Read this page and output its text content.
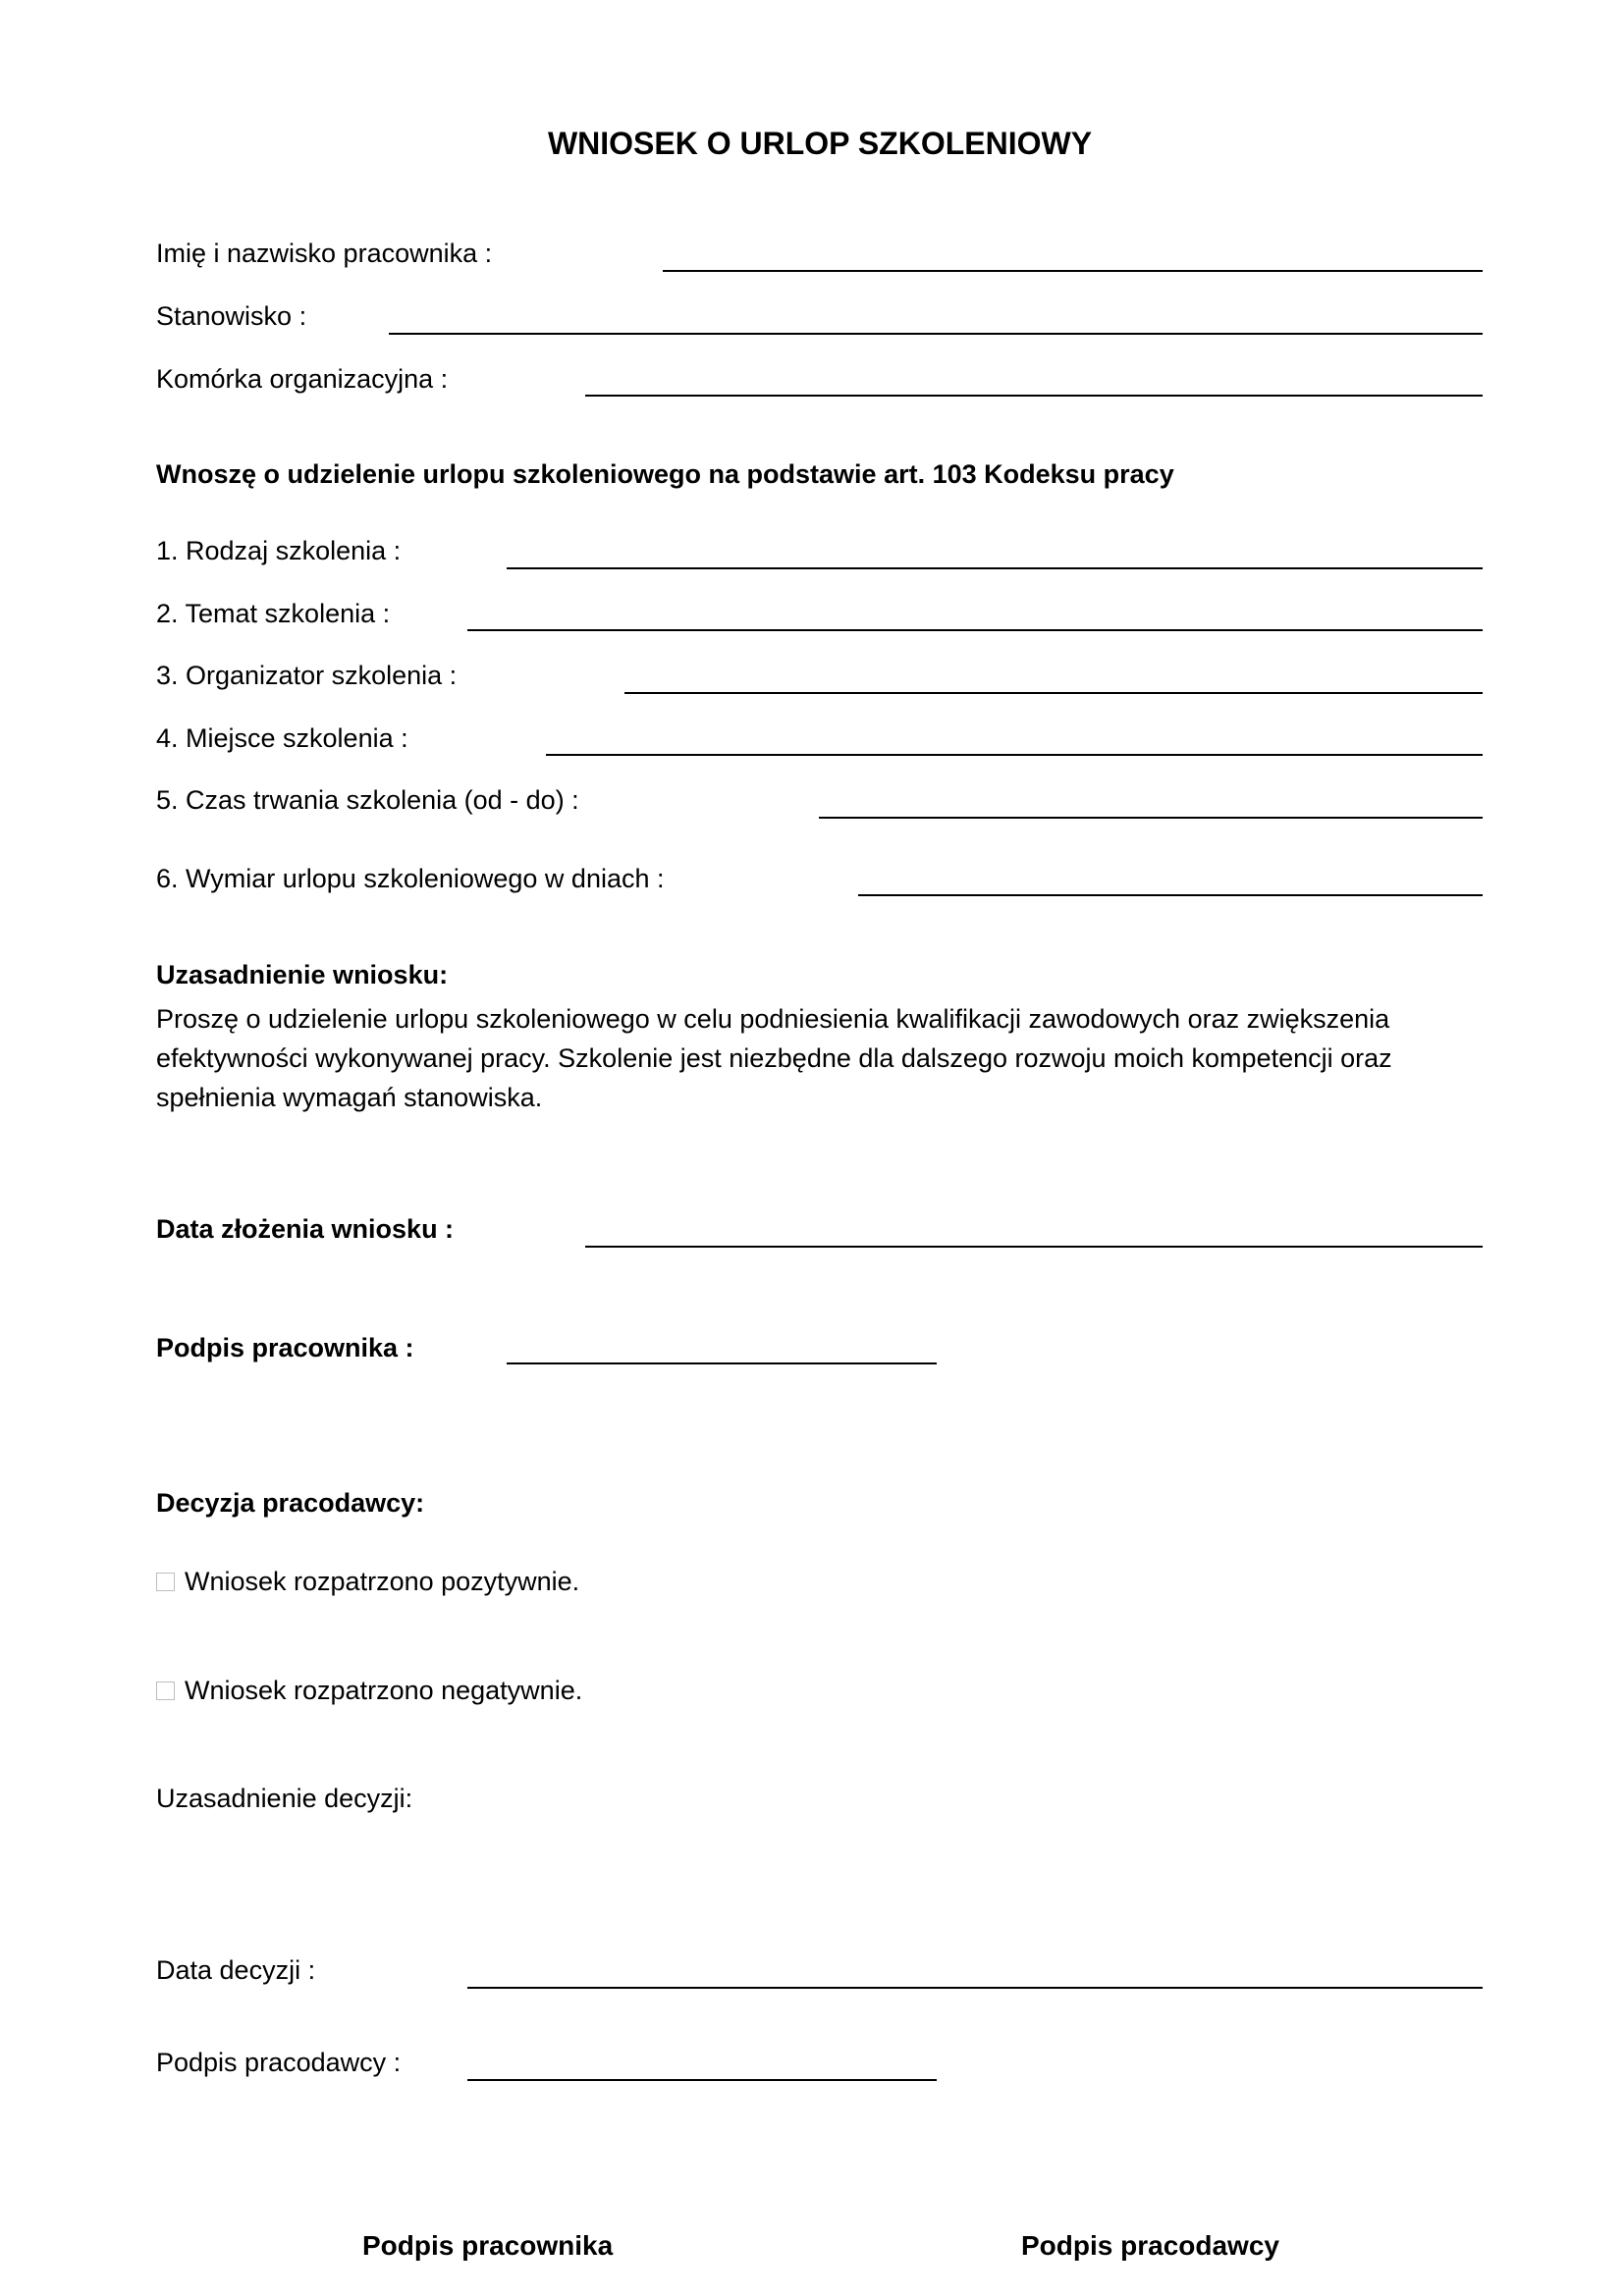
WNIOSEK O URLOP SZKOLENIOWY
Imię i nazwisko pracownika :
Stanowisko :
Komórka organizacyjna :
Wnoszę o udzielenie urlopu szkoleniowego na podstawie art. 103 Kodeksu pracy
1. Rodzaj szkolenia :
2. Temat szkolenia :
3. Organizator szkolenia :
4. Miejsce szkolenia :
5. Czas trwania szkolenia (od - do) :
6. Wymiar urlopu szkoleniowego w dniach :
Uzasadnienie wniosku:
Proszę o udzielenie urlopu szkoleniowego w celu podniesienia kwalifikacji zawodowych oraz zwiększenia efektywności wykonywanej pracy. Szkolenie jest niezbędne dla dalszego rozwoju moich kompetencji oraz spełnienia wymagań stanowiska.
Data złożenia wniosku :
Podpis pracownika :
Decyzja pracodawcy:
Wniosek rozpatrzono pozytywnie.
Wniosek rozpatrzono negatywnie.
Uzasadnienie decyzji:
Data decyzji :
Podpis pracodawcy :
Podpis pracownika	Podpis pracodawcy
